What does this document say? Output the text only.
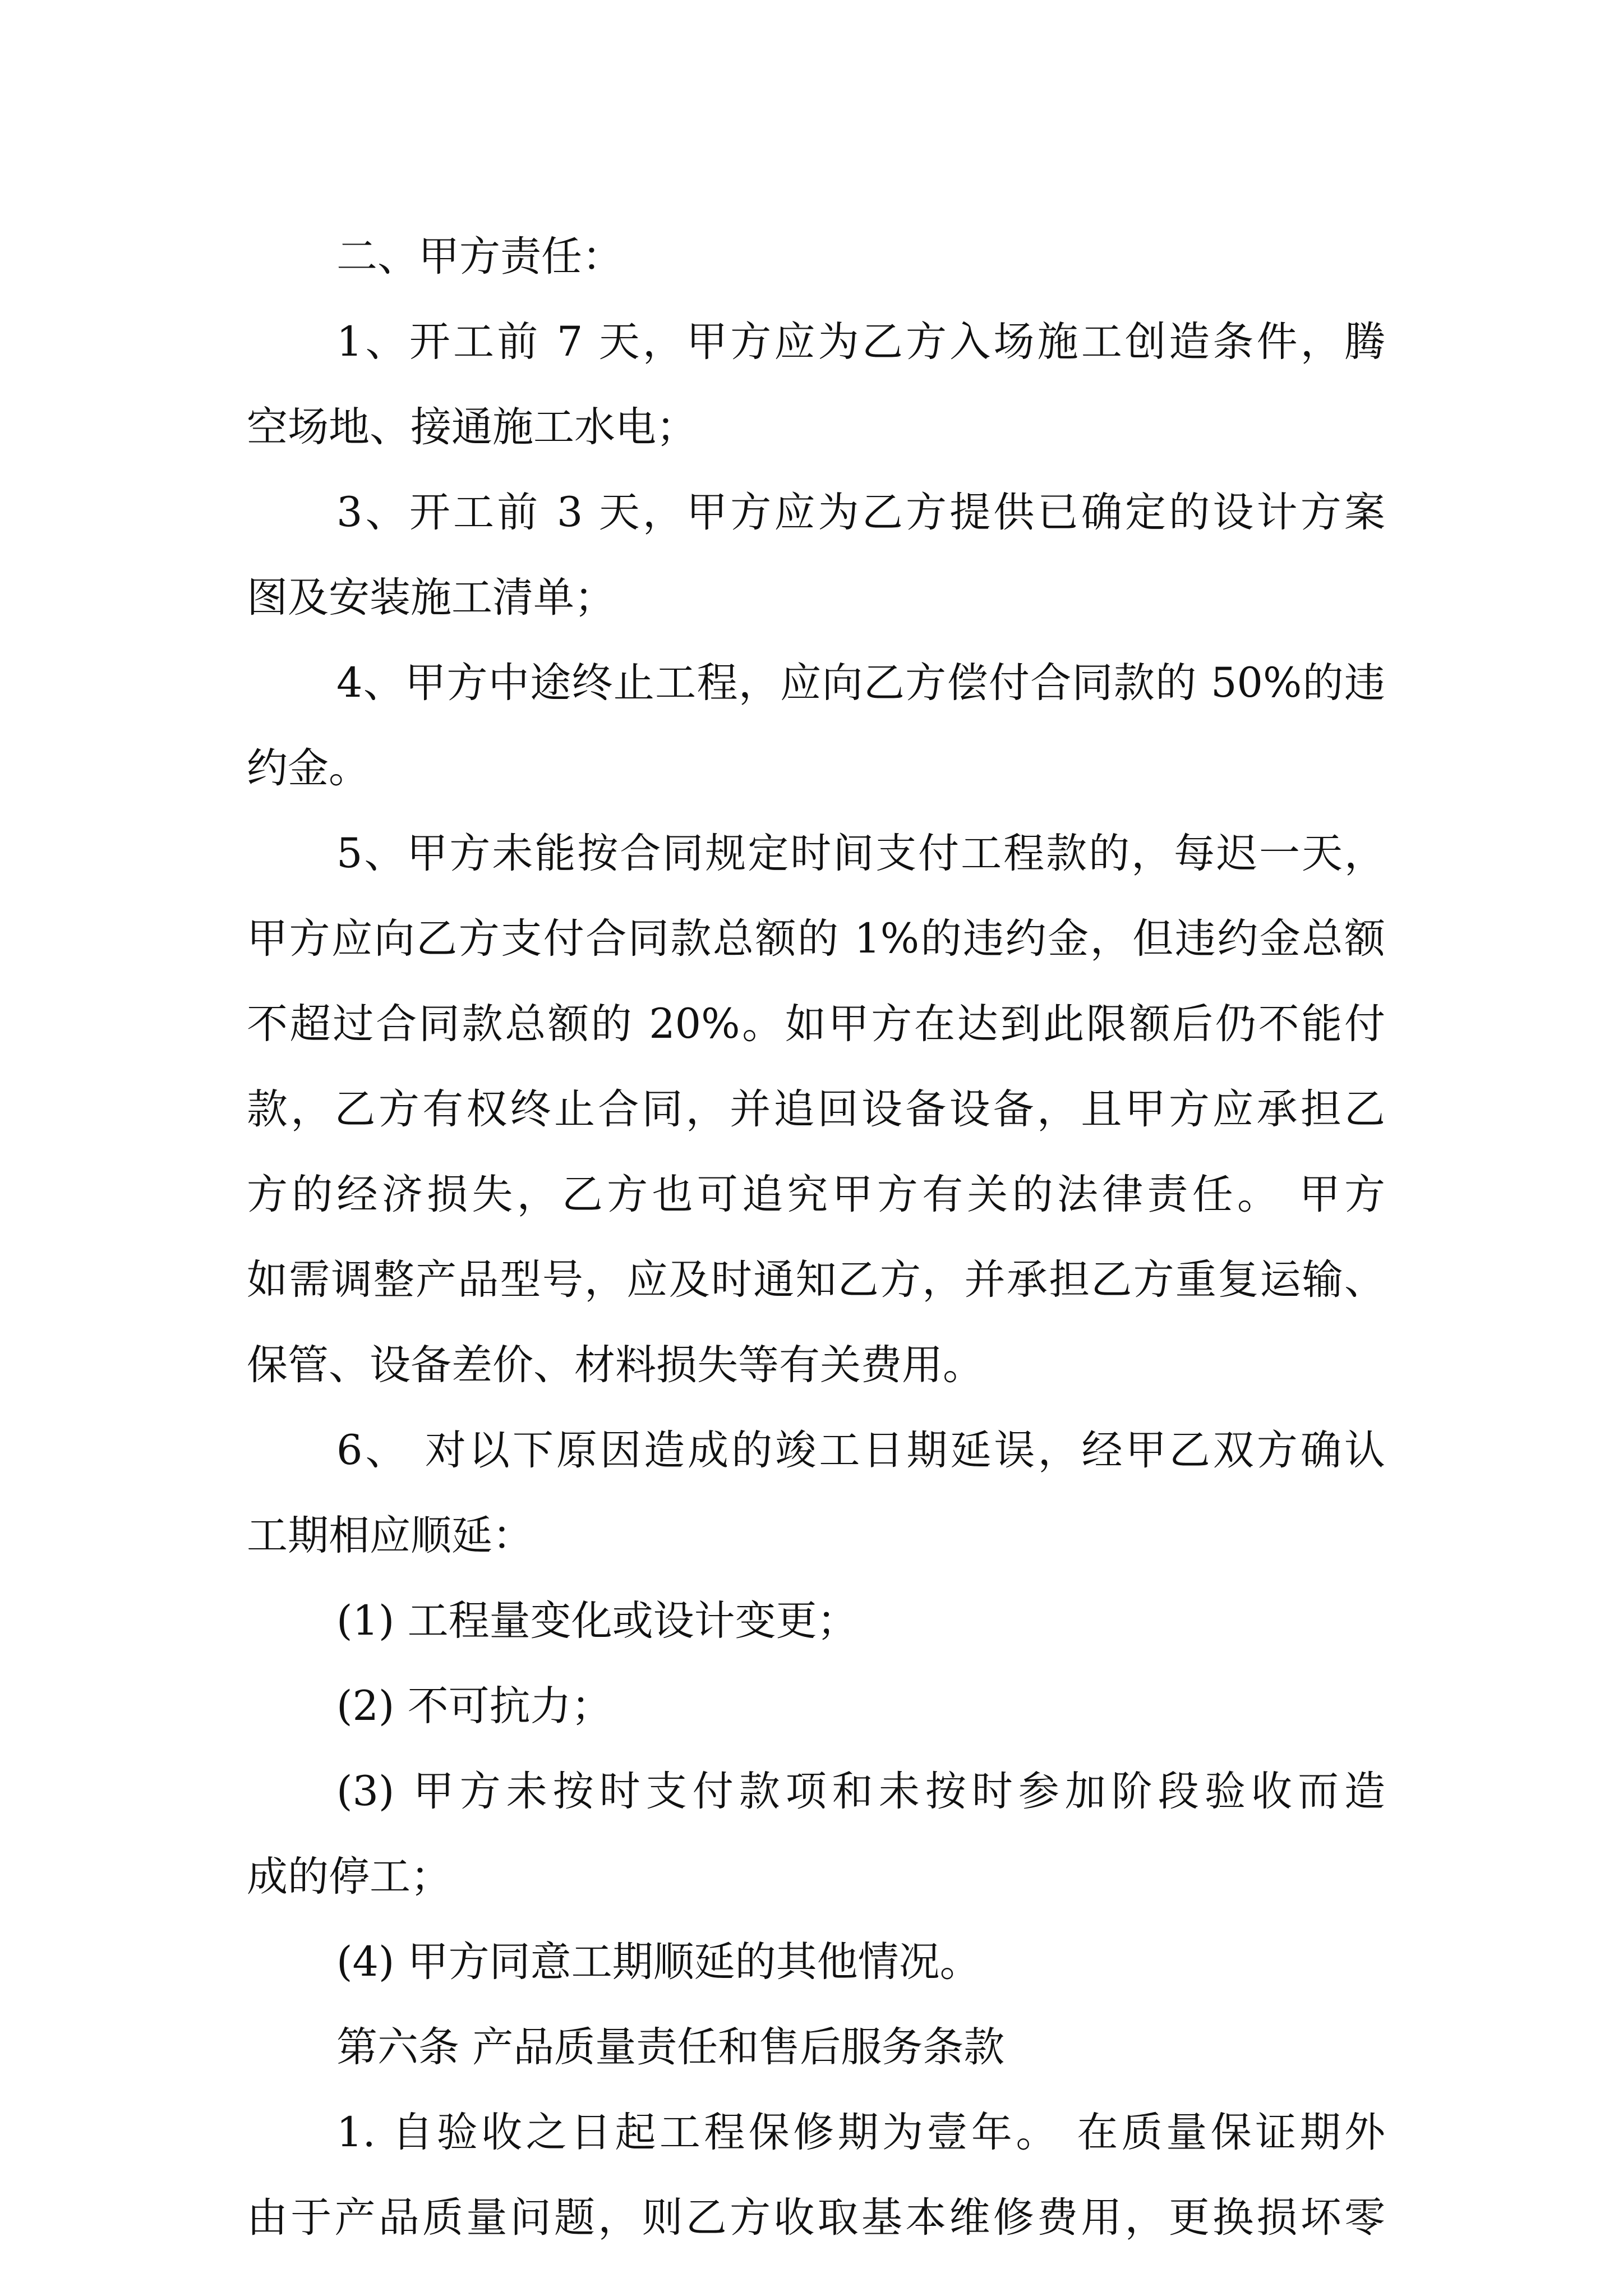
二、甲方责任：
1、开工前 7 天，甲方应为乙方入场施工创造条件，腾
空场地、接通施工水电；
3、开工前 3 天，甲方应为乙方提供已确定的设计方案
图及安装施工清单；
4、甲方中途终止工程，应向乙方偿付合同款的 50%的违
约金。
5、甲方未能按合同规定时间支付工程款的，每迟一天，
甲方应向乙方支付合同款总额的 1%的违约金，但违约金总额
不超过合同款总额的 20%。如甲方在达到此限额后仍不能付
款，乙方有权终止合同，并追回设备设备，且甲方应承担乙
方的经济损失，乙方也可追究甲方有关的法律责任。 甲方
如需调整产品型号，应及时通知乙方，并承担乙方重复运输、
保管、设备差价、材料损失等有关费用。
6、 对以下原因造成的竣工日期延误，经甲乙双方确认
工期相应顺延：
(1) 工程量变化或设计变更；
(2) 不可抗力；
(3) 甲方未按时支付款项和未按时参加阶段验收而造
成的停工；
(4) 甲方同意工期顺延的其他情况。
第六条 产品质量责任和售后服务条款
1. 自验收之日起工程保修期为壹年。 在质量保证期外
由于产品质量问题，则乙方收取基本维修费用，更换损坏零
